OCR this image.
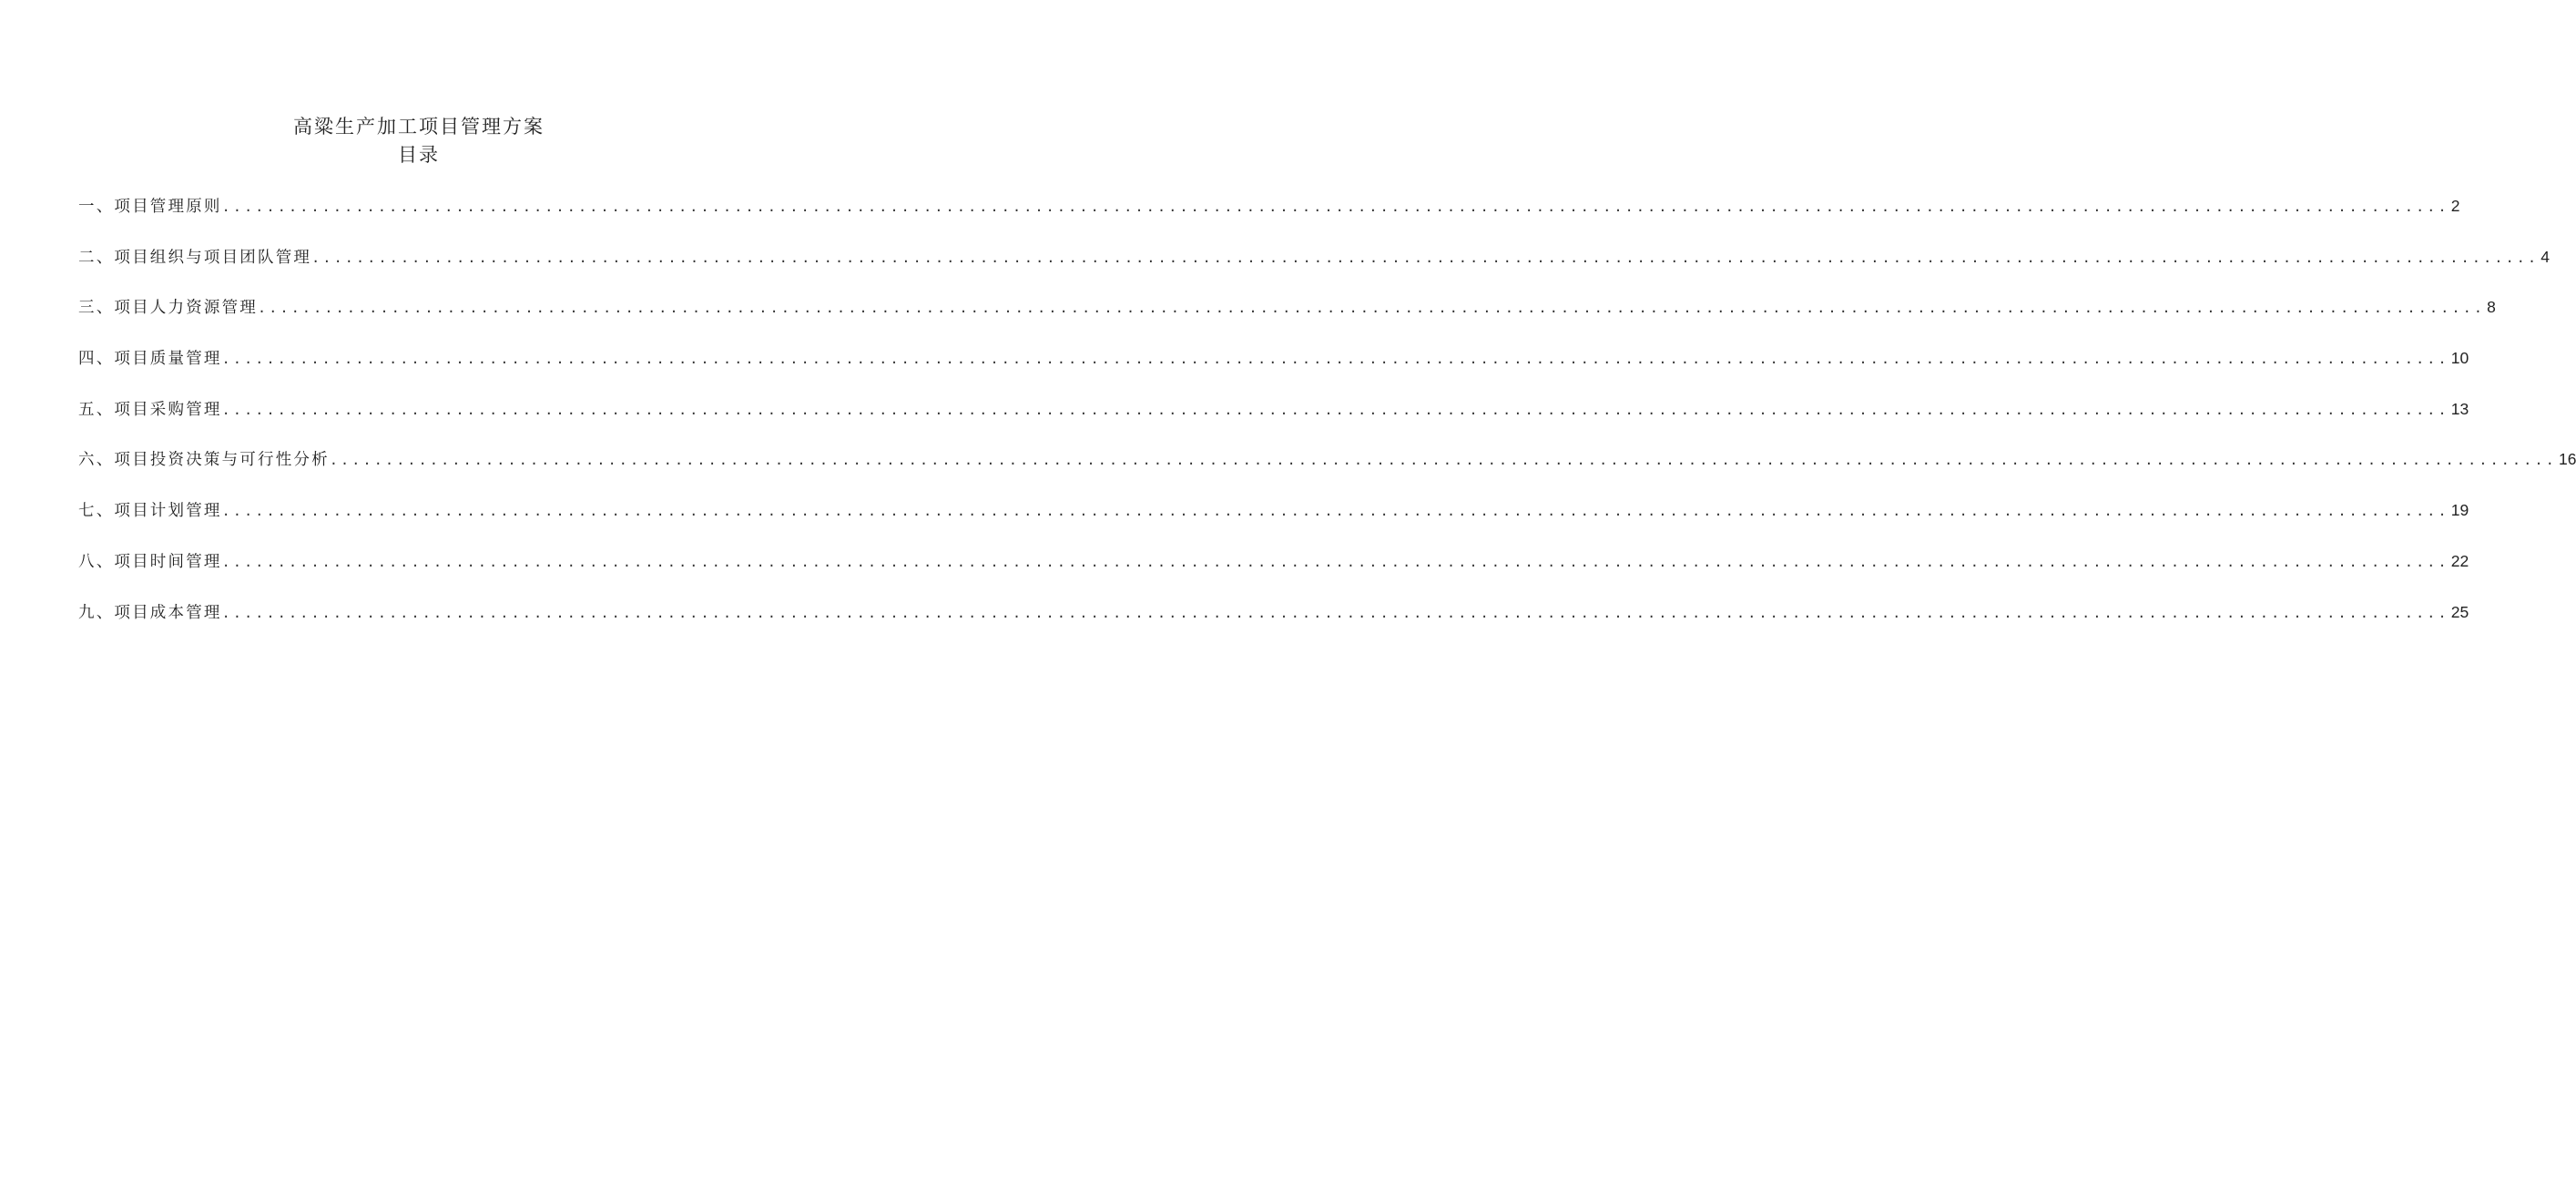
高粱生产加工项目管理方案
目录
一、项目管理原则 ........................................................................................................................................................................................................ 2
二、项目组织与项目团队管理 ........................................................................................................................................................................................................ 4
三、项目人力资源管理 ........................................................................................................................................................................................................ 8
四、项目质量管理 ........................................................................................................................................................................................................ 10
五、项目采购管理 ........................................................................................................................................................................................................ 13
六、项目投资决策与可行性分析 ........................................................................................................................................................................................................ 16
七、项目计划管理 ........................................................................................................................................................................................................ 19
八、项目时间管理 ........................................................................................................................................................................................................ 22
九、项目成本管理 ........................................................................................................................................................................................................ 25
